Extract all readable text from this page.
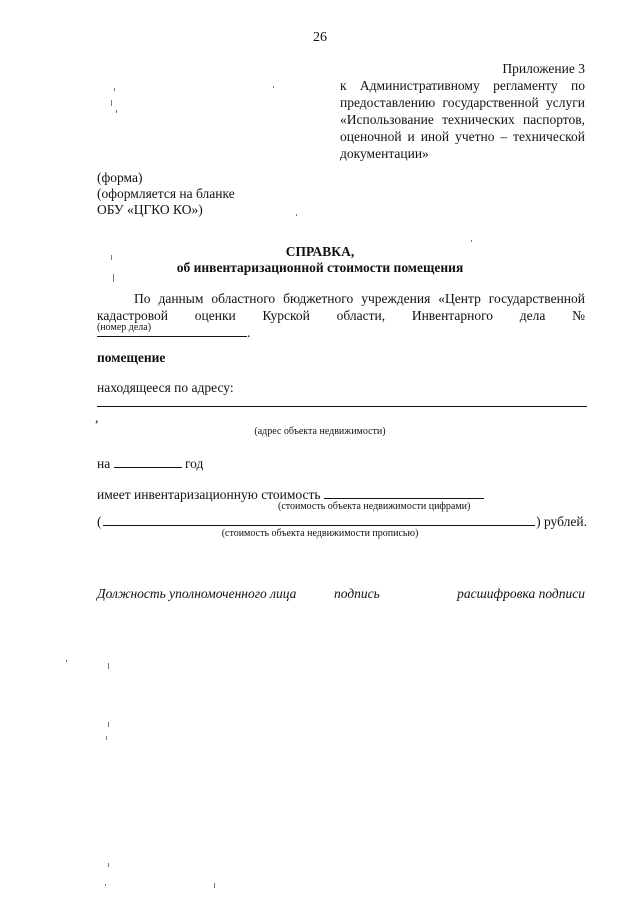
26
Приложение 3
к Административному регламенту по предоставлению государственной услуги «Использование технических паспортов, оценочной и иной учетно – технической документации»
(форма)
(оформляется на бланке
ОБУ «ЦГКО КО»)
СПРАВКА,
об инвентаризационной стоимости помещения
По данным областного бюджетного учреждения «Центр государственной кадастровой оценки Курской области, Инвентарного дела №.
(номер дела)
помещение
находящееся по адресу:
,
(адрес объекта недвижимости)
на	год
имеет инвентаризационную стоимость
(стоимость объекта недвижимости цифрами)
(	) рублей.
(стоимость объекта недвижимости прописью)
Должность уполномоченного лица	подпись	расшифровка подписи
